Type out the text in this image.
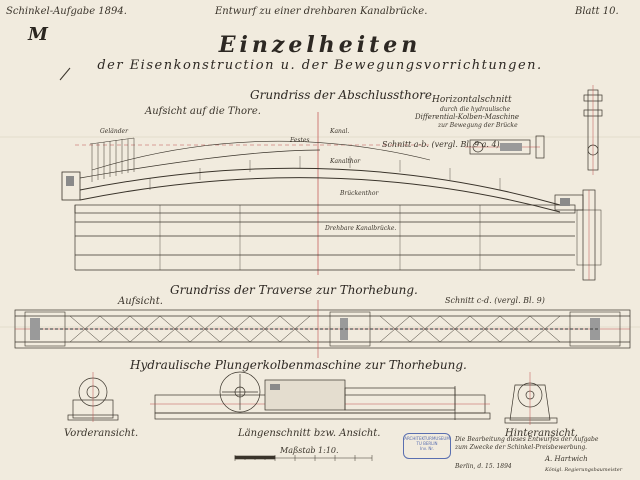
Schinkel-Aufgabe 1894.	Entwurf zu einer drehbaren Kanalbrücke.	Blatt 10.
M	Einzelheiten
der Eisenkonstruction u. der Bewegungsvorrichtungen.
Grundriss der Abschlussthore.
Aufsicht auf die Thore.
Kanal.
Festes
Kanalthor
Brückenthor
Drehbare Kanalbrücke.
Geländer
Schnitt a-b. (vergl. Bl. 9 a. 4)
Horizontalschnitt
durch die hydraulische
Differential-Kolben-Maschine
zur Bewegung der Brücke
Grundriss der Traverse zur Thorhebung.
Aufsicht.	Schnitt c-d. (vergl. Bl. 9)
Hydraulische Plungerkolbenmaschine zur Thorhebung.
Vorderansicht.	Längenschnitt bzw. Ansicht.	Hinteransicht.
Maßstab 1:10.
ARCHITEKTURMUSEUM
TU BERLIN
Inv. Nr.
Die Bearbeitung dieses Entwurfes der Aufgabe
zum Zwecke der Schinkel-Preisbewerbung.
A. Hartwich
Berlin, d. 15. 1894	Königl. Regierungsbaumeister
